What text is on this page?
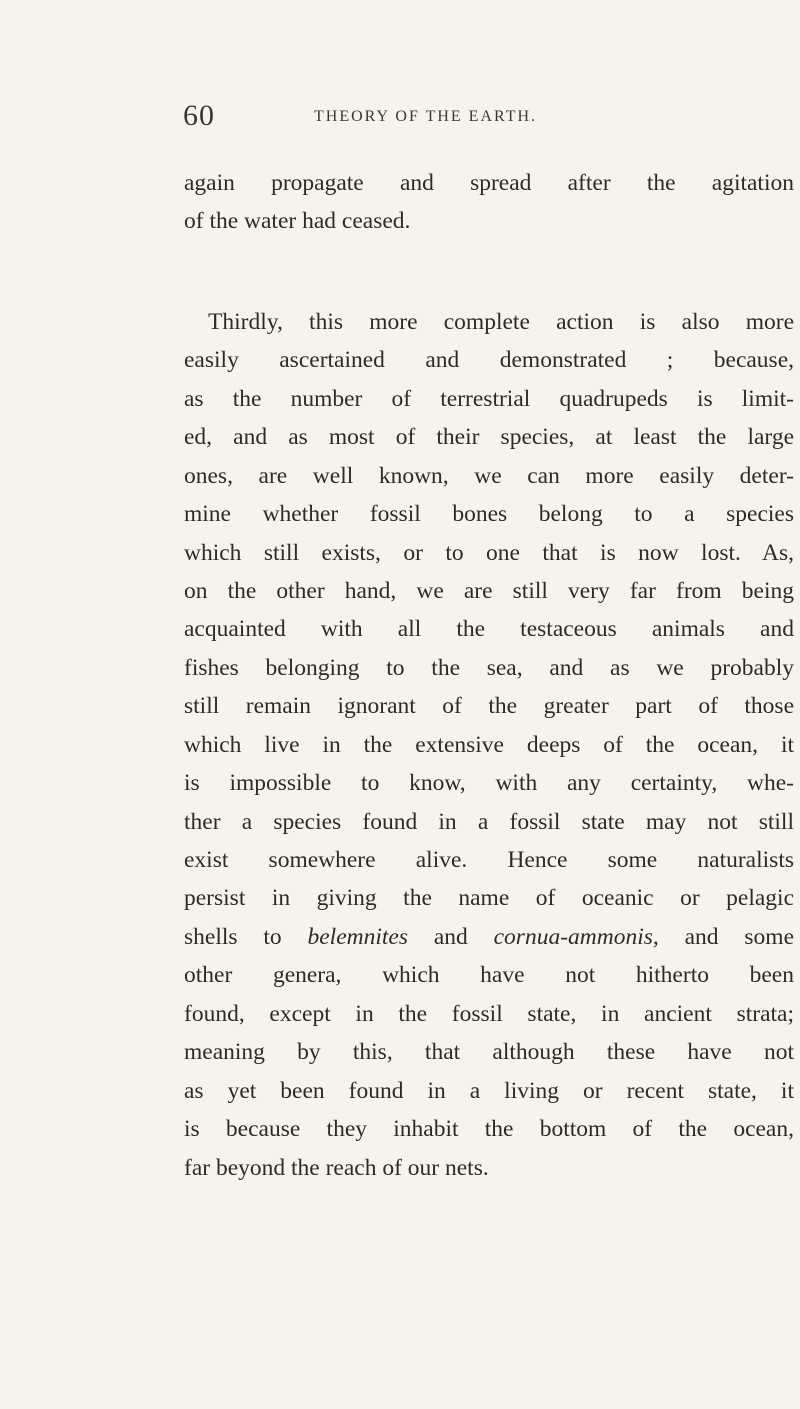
60	THEORY OF THE EARTH.
again propagate and spread after the agitation
of the water had ceased.
Thirdly, this more complete action is also more
easily ascertained and demonstrated ; because,
as the number of terrestrial quadrupeds is limit-
ed, and as most of their species, at least the large
ones, are well known, we can more easily deter-
mine whether fossil bones belong to a species
which still exists, or to one that is now lost. As,
on the other hand, we are still very far from being
acquainted with all the testaceous animals and
fishes belonging to the sea, and as we probably
still remain ignorant of the greater part of those
which live in the extensive deeps of the ocean, it
is impossible to know, with any certainty, whe-
ther a species found in a fossil state may not still
exist somewhere alive. Hence some naturalists
persist in giving the name of oceanic or pelagic
shells to belemnites and cornua-ammonis, and some
other genera, which have not hitherto been
found, except in the fossil state, in ancient strata;
meaning by this, that although these have not
as yet been found in a living or recent state, it
is because they inhabit the bottom of the ocean,
far beyond the reach of our nets.
